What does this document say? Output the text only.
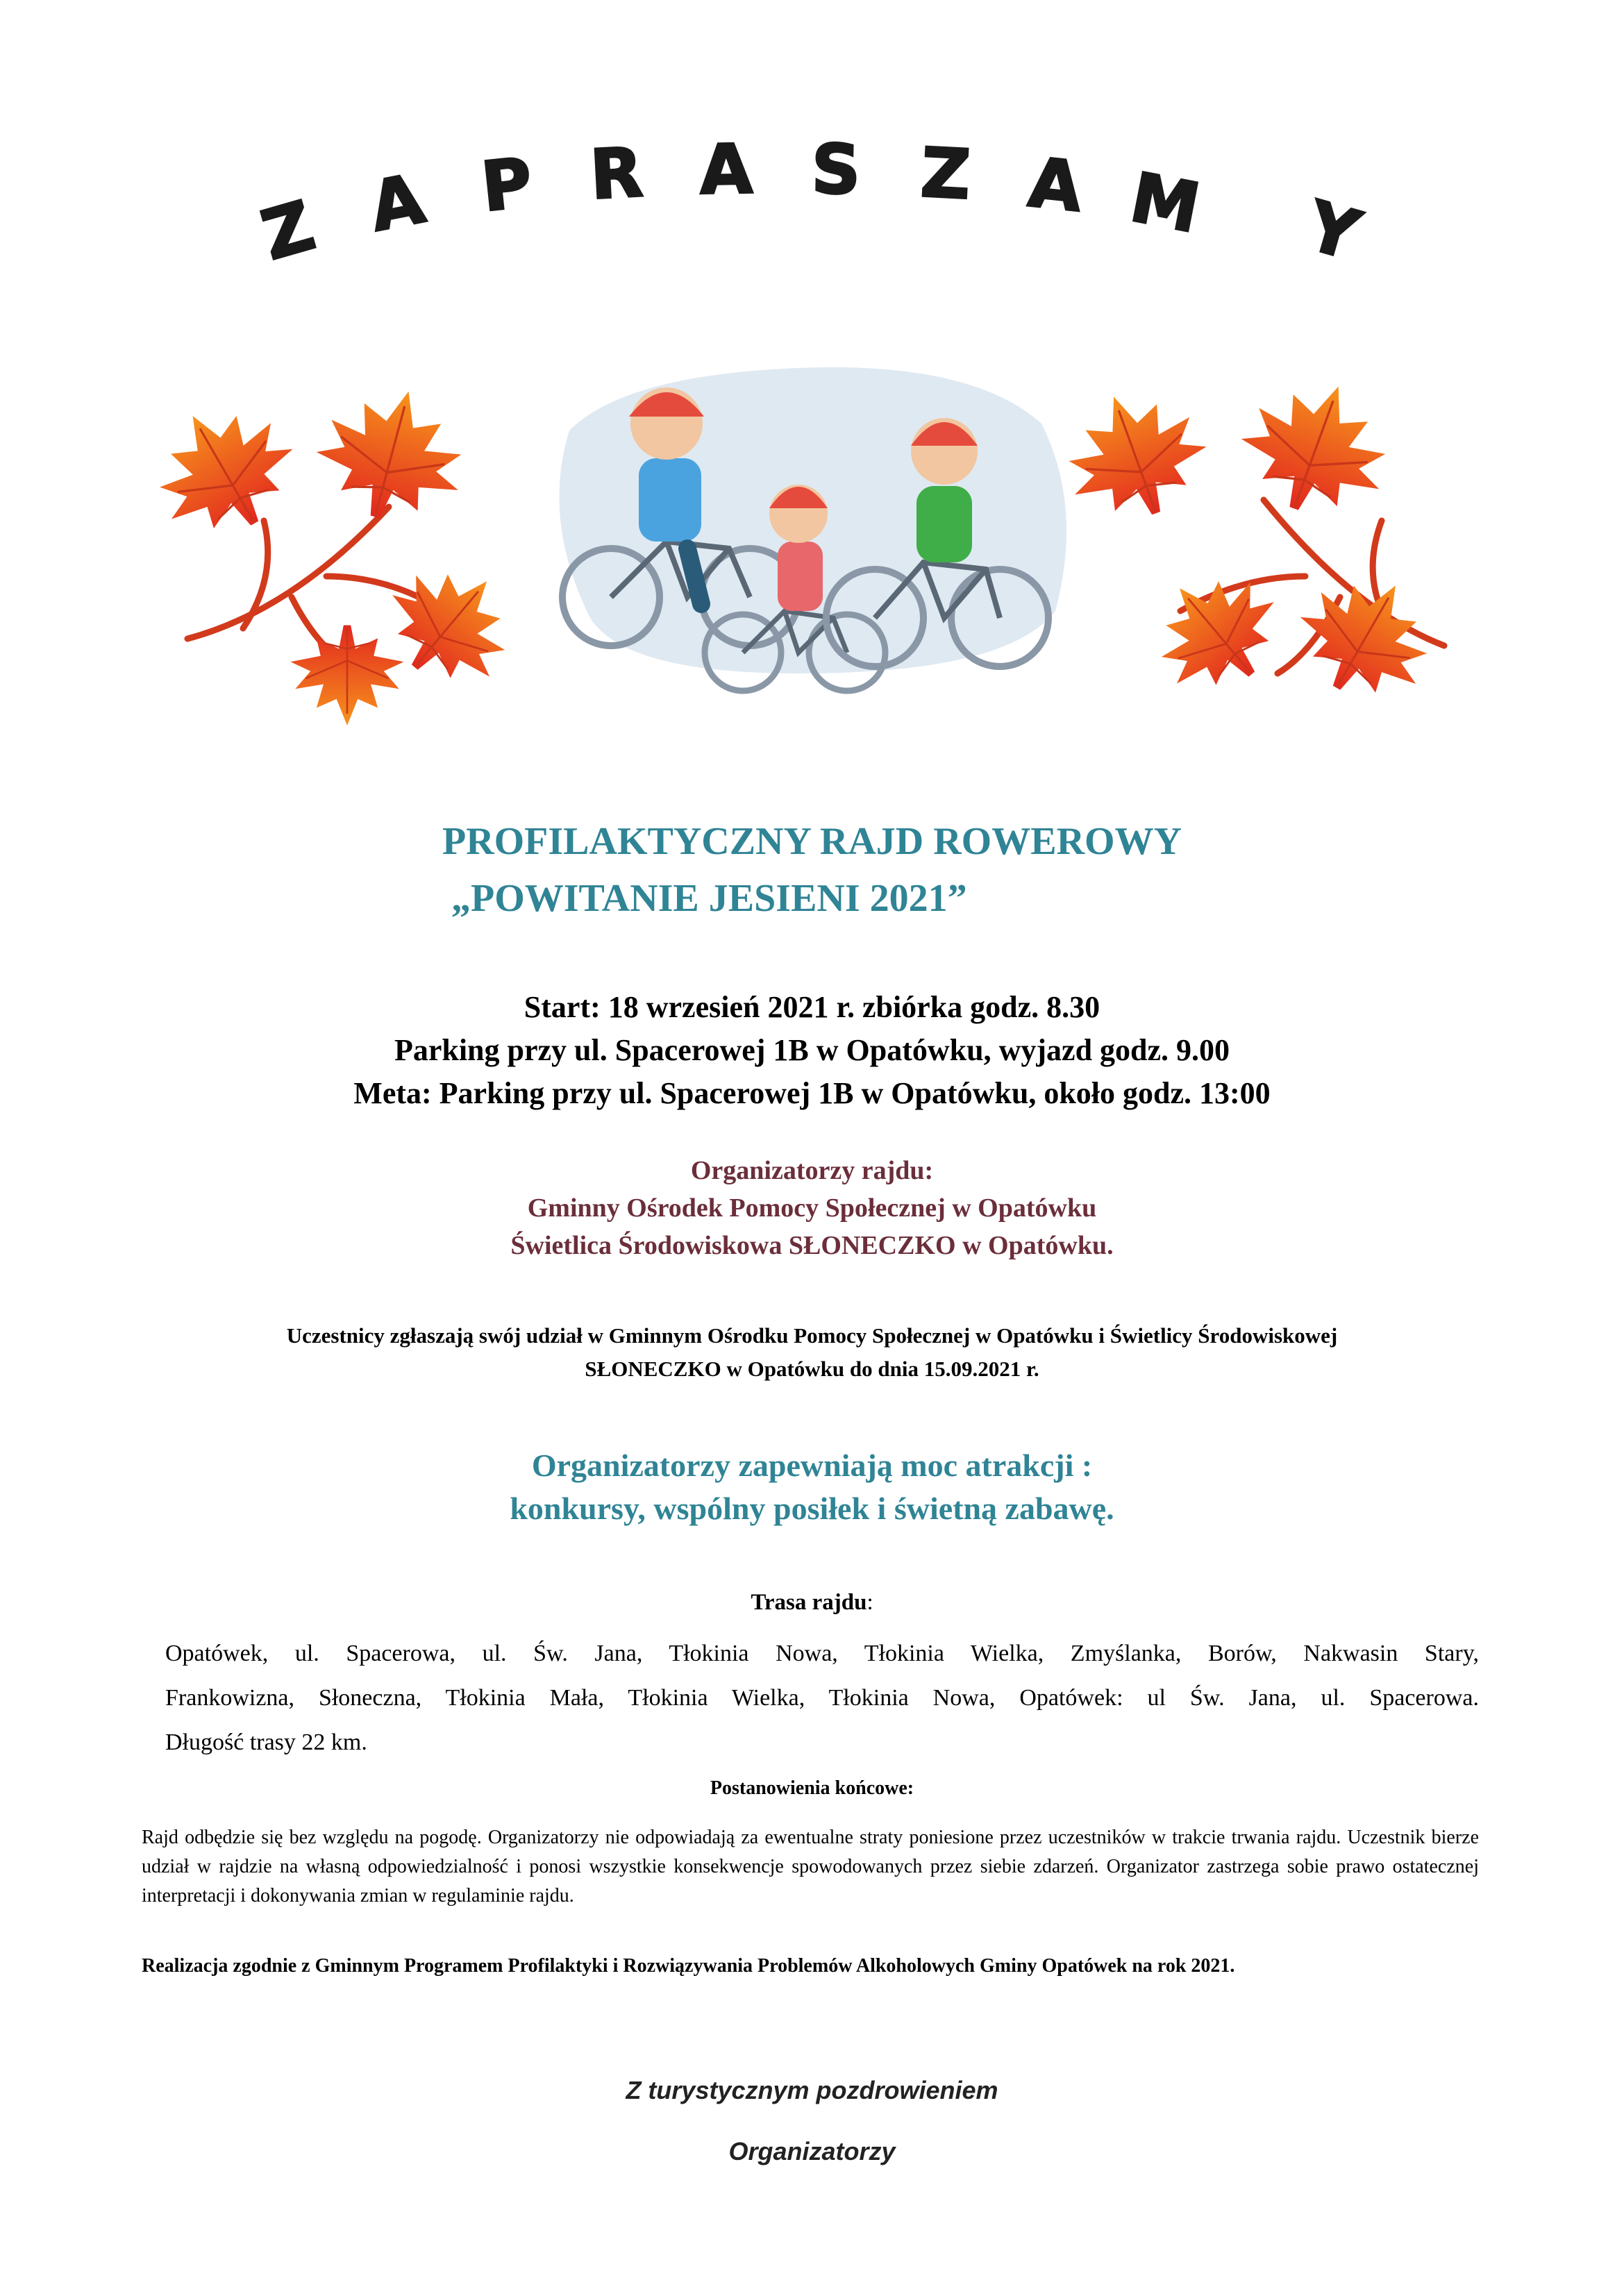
Z A P R A S Z A M Y
PROFILAKTYCZNY RAJD ROWEROWY
„POWITANIE JESIENI 2021”
Start: 18 wrzesień 2021 r. zbiórka godz. 8.30
Parking przy ul. Spacerowej 1B w Opatówku, wyjazd godz. 9.00
Meta: Parking przy ul. Spacerowej 1B w Opatówku, około godz. 13:00
Organizatorzy rajdu:
Gminny Ośrodek Pomocy Społecznej w Opatówku
Świetlica Środowiskowa SŁONECZKO w Opatówku.
Uczestnicy zgłaszają swój udział w Gminnym Ośrodku Pomocy Społecznej w Opatówku i Świetlicy Środowiskowej
SŁONECZKO w Opatówku do dnia 15.09.2021 r.
Organizatorzy zapewniają moc atrakcji :
konkursy, wspólny posiłek i świetną zabawę.
Trasa rajdu:
Opatówek, ul. Spacerowa, ul. Św. Jana, Tłokinia Nowa, Tłokinia Wielka, Zmyślanka, Borów, Nakwasin Stary,
Frankowizna, Słoneczna, Tłokinia Mała, Tłokinia Wielka, Tłokinia Nowa, Opatówek: ul Św. Jana, ul. Spacerowa.
Długość trasy 22 km.
Postanowienia końcowe:
Rajd odbędzie się bez względu na pogodę. Organizatorzy nie odpowiadają za ewentualne straty poniesione przez uczestników w trakcie trwania rajdu. Uczestnik bierze udział w rajdzie na własną odpowiedzialność i ponosi wszystkie konsekwencje spowodowanych przez siebie zdarzeń. Organizator zastrzega sobie prawo ostatecznej interpretacji i dokonywania zmian w regulaminie rajdu.
Realizacja zgodnie z Gminnym Programem Profilaktyki i Rozwiązywania Problemów Alkoholowych Gminy Opatówek na rok 2021.
Z turystycznym pozdrowieniem
Organizatorzy
